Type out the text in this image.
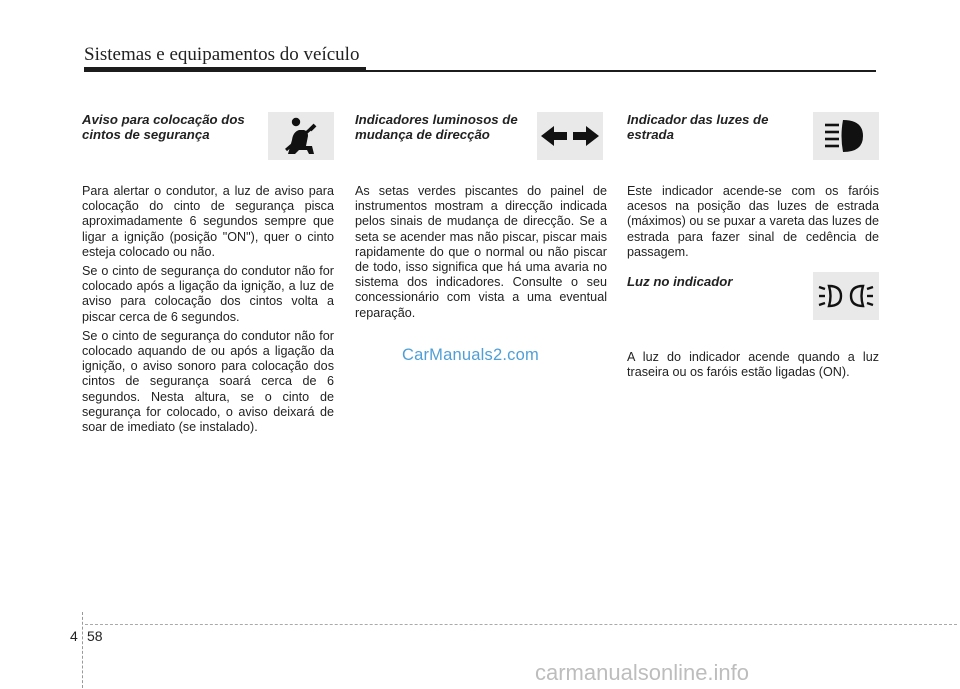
Sistemas e equipamentos do veículo
Aviso para colocação dos
cintos de segurança

Para alertar o condutor, a luz de aviso para colocação do cinto de segurança pisca aproximadamente 6 segundos sempre que ligar a ignição (posição "ON"), quer o cinto esteja colocado ou não.

Se o cinto de segurança do condutor não for colocado após a ligação da ignição, a luz de aviso para colocação dos cintos volta a piscar cerca de 6 segundos.

Se o cinto de segurança do condutor não for colocado aquando de ou após a ligação da ignição, o aviso sonoro para colocação dos cintos de segurança soará cerca de 6 segundos. Nesta altura, se o cinto de segurança for colocado, o aviso deixará de soar de imediato (se instalado).

Indicadores luminosos de
mudança de direcção

As setas verdes piscantes do painel de instrumentos mostram a direcção indicada pelos sinais de mudança de direcção. Se a seta se acender mas não piscar, piscar mais rapidamente do que o normal ou não piscar de todo, isso significa que há uma avaria no sistema dos indicadores. Consulte o seu concessionário com vista a uma eventual reparação.

Indicador das luzes de
estrada

Este indicador acende-se com os faróis acesos na posição das luzes de estrada (máximos) ou se puxar a vareta das luzes de estrada para fazer sinal de cedência de passagem.

Luz no indicador

A luz do indicador acende quando a luz traseira ou os faróis estão ligadas (ON).

CarManuals2.com
4 58
carmanualsonline.info
